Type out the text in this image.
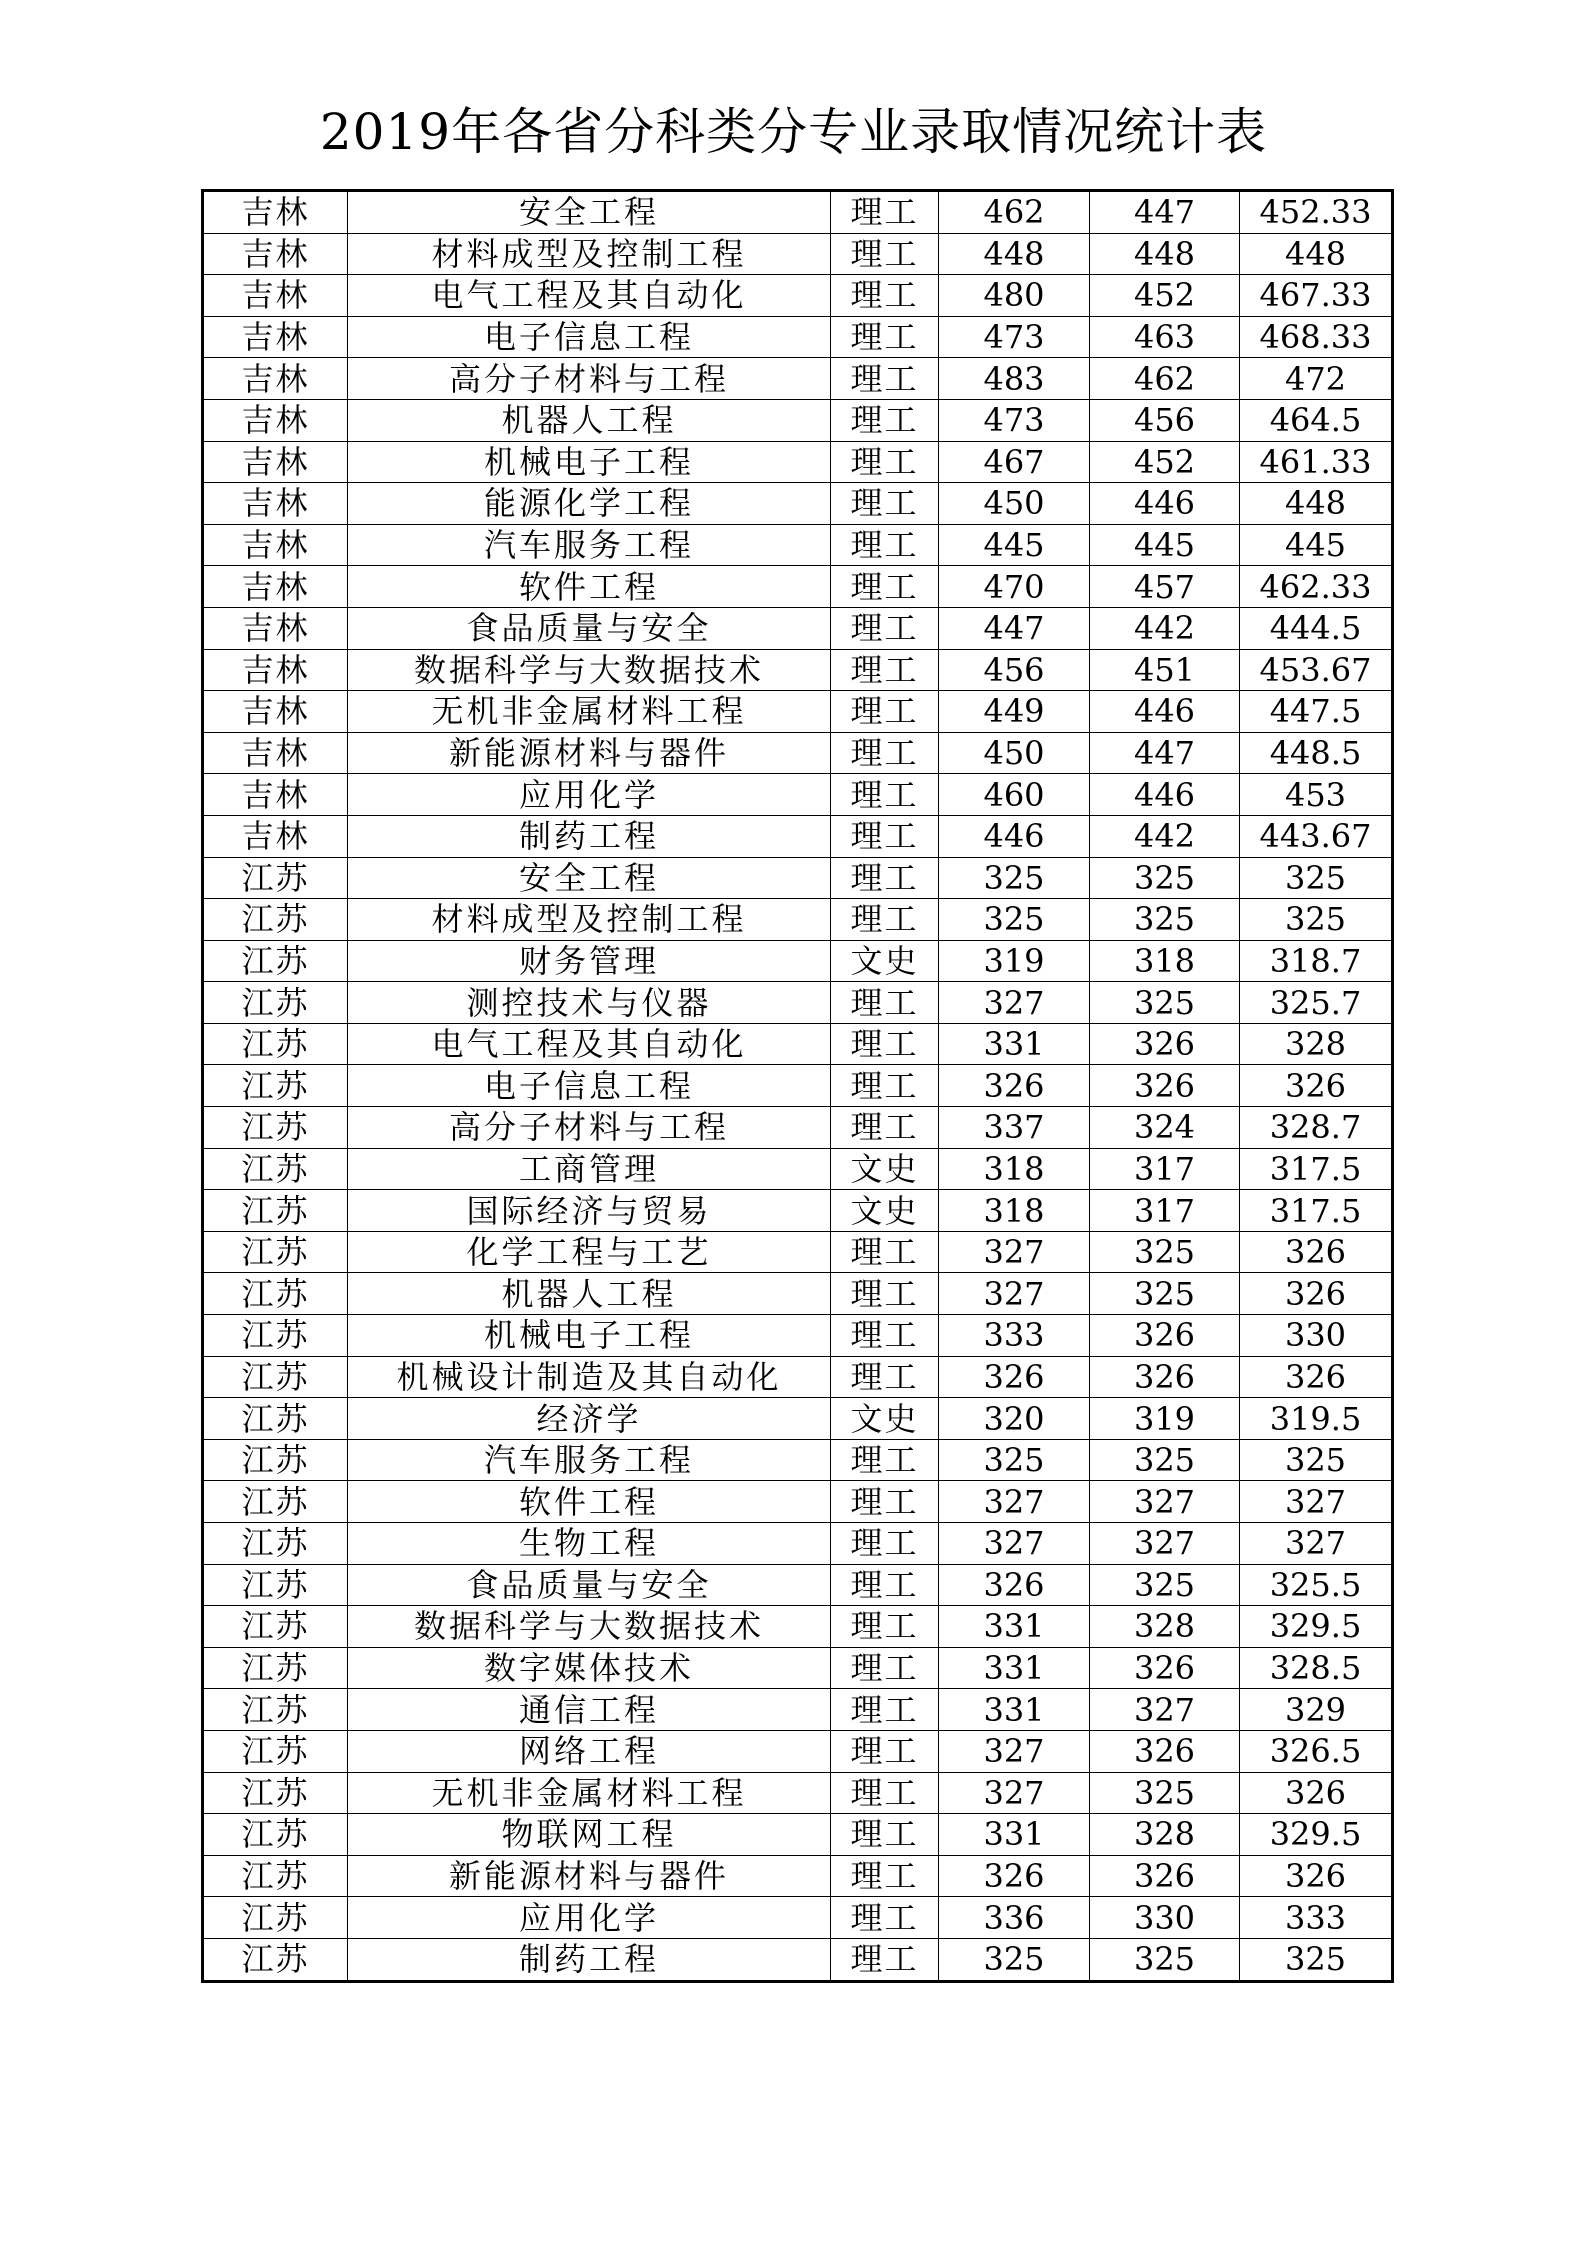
2019年各省分科类分专业录取情况统计表
吉林	安全工程	理工	462	447	452.33
吉林	材料成型及控制工程	理工	448	448	448
吉林	电气工程及其自动化	理工	480	452	467.33
吉林	电子信息工程	理工	473	463	468.33
吉林	高分子材料与工程	理工	483	462	472
吉林	机器人工程	理工	473	456	464.5
吉林	机械电子工程	理工	467	452	461.33
吉林	能源化学工程	理工	450	446	448
吉林	汽车服务工程	理工	445	445	445
吉林	软件工程	理工	470	457	462.33
吉林	食品质量与安全	理工	447	442	444.5
吉林	数据科学与大数据技术	理工	456	451	453.67
吉林	无机非金属材料工程	理工	449	446	447.5
吉林	新能源材料与器件	理工	450	447	448.5
吉林	应用化学	理工	460	446	453
吉林	制药工程	理工	446	442	443.67
江苏	安全工程	理工	325	325	325
江苏	材料成型及控制工程	理工	325	325	325
江苏	财务管理	文史	319	318	318.7
江苏	测控技术与仪器	理工	327	325	325.7
江苏	电气工程及其自动化	理工	331	326	328
江苏	电子信息工程	理工	326	326	326
江苏	高分子材料与工程	理工	337	324	328.7
江苏	工商管理	文史	318	317	317.5
江苏	国际经济与贸易	文史	318	317	317.5
江苏	化学工程与工艺	理工	327	325	326
江苏	机器人工程	理工	327	325	326
江苏	机械电子工程	理工	333	326	330
江苏	机械设计制造及其自动化	理工	326	326	326
江苏	经济学	文史	320	319	319.5
江苏	汽车服务工程	理工	325	325	325
江苏	软件工程	理工	327	327	327
江苏	生物工程	理工	327	327	327
江苏	食品质量与安全	理工	326	325	325.5
江苏	数据科学与大数据技术	理工	331	328	329.5
江苏	数字媒体技术	理工	331	326	328.5
江苏	通信工程	理工	331	327	329
江苏	网络工程	理工	327	326	326.5
江苏	无机非金属材料工程	理工	327	325	326
江苏	物联网工程	理工	331	328	329.5
江苏	新能源材料与器件	理工	326	326	326
江苏	应用化学	理工	336	330	333
江苏	制药工程	理工	325	325	325
